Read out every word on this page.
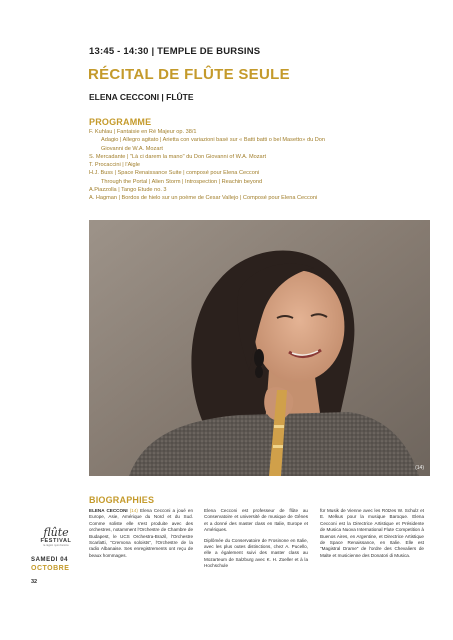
13:45 - 14:30 | TEMPLE DE BURSINS
RÉCITAL DE FLÛTE SEULE
ELENA CECCONI | FLÛTE
PROGRAMME
F. Kuhlau | Fantaisie en Ré Majeur op. 38/1
Adagio | Allegro agitato | Arietta con variazioni basé sur « Batti batti o bel Masetto» du Don
Giovanni de W.A. Mozart
S. Mercadante | "Là ci darem la mano" du Don Giovanni of W.A. Mozart
T. Procaccini | l'Aigle
H.J. Buss | Space Renaissance Suite | composé pour Elena Cecconi
Through the Portal | Alien Storm | Introspection | Reachin beyond
A.Piazzolla | Tango Etude no. 3
A. Hagman | Bordos de hielo sur un poème de Cesar Vallejo | Composé pour Elena Cecconi
(14)
BIOGRAPHIES

ELENA CECCONI (14) Elena Cecconi a joué en Europe, Asie, Amérique du Nord et du Sud. Comme soliste elle s'est produite avec des orchestres, notamment l'Orchestre de Chambre de Budapest, le UCS Orchestra-Brazil, l'Orchestre Scarlatti, "Cremona soloists", l'Orchestre de la radio Albanaise. Ses enregistrements ont reçu de beaux hommages.

Elena Cecconi est professeur de flûte au Conservatoire et université de musique de Gênes et a donné des master class en Italie, Europe et Amériques.

Diplômée du Conservatoire de Frosinone en Italie, avec les plus outes distinctions, chez A. Pucello, elle a également suivi des master class au Mozarteum de Salzburg avec K. H. Zoeller et à la Hochschule

für Musik de Vienne avec les Rötzes W. Schulz et E. Melkus pour la musique Baroque. Elena Cecconi est la Directrice Artistique et Présidente de Musica Nuova International Flute Competition à Buenos Aires, en Argentine, et Directrice Artistique de Space Renaissance, en Italie. Elle est "Magistral Drame" de l'ordre des Chevaliers de Malte et musicienne des Donatori di Musica.

flûte
FESTIVAL
la région nyon bursins
SAMEDI 04
OCTOBRE
32
